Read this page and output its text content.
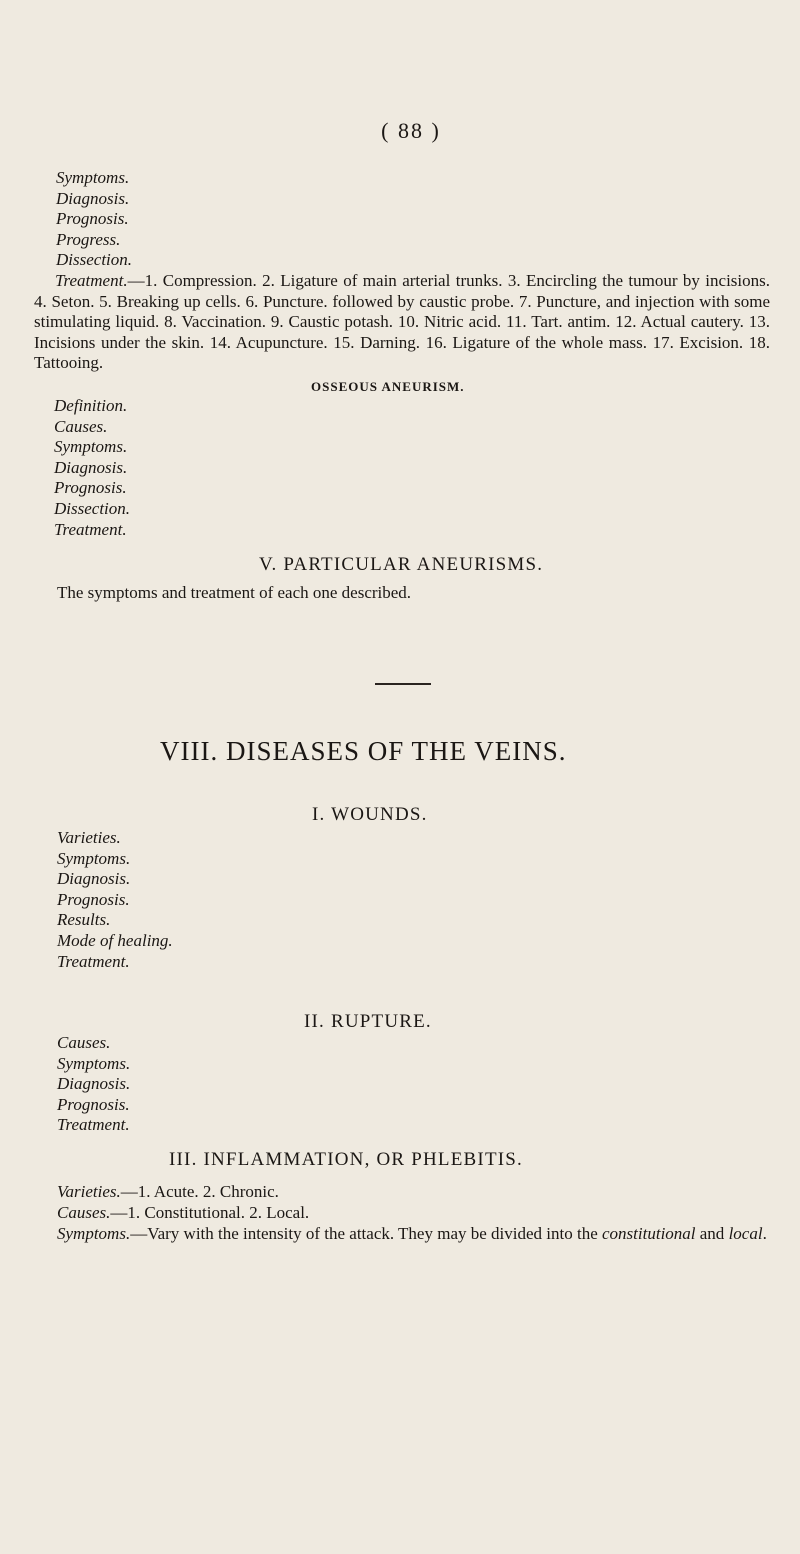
( 88 )
Symptoms.
Diagnosis.
Prognosis.
Progress.
Dissection.
Treatment.—1. Compression. 2. Ligature of main arterial trunks. 3. Encircling the tumour by incisions. 4. Seton. 5. Breaking up cells. 6. Puncture. followed by caustic probe. 7. Puncture, and injection with some stimulating liquid. 8. Vaccination. 9. Caustic potash. 10. Nitric acid. 11. Tart. antim. 12. Actual cautery. 13. Incisions under the skin. 14. Acupuncture. 15. Darning. 16. Ligature of the whole mass. 17. Excision. 18. Tattooing.
OSSEOUS ANEURISM.
Definition.
Causes.
Symptoms.
Diagnosis.
Prognosis.
Dissection.
Treatment.
V. PARTICULAR ANEURISMS.
The symptoms and treatment of each one described.
VIII. DISEASES OF THE VEINS.
I. WOUNDS.
Varieties.
Symptoms.
Diagnosis.
Prognosis.
Results.
Mode of healing.
Treatment.
II. RUPTURE.
Causes.
Symptoms.
Diagnosis.
Prognosis.
Treatment.
III. INFLAMMATION, OR PHLEBITIS.
Varieties.—1. Acute. 2. Chronic.
Causes.—1. Constitutional. 2. Local.
Symptoms.—Vary with the intensity of the attack. They may be divided into the constitutional and local.
